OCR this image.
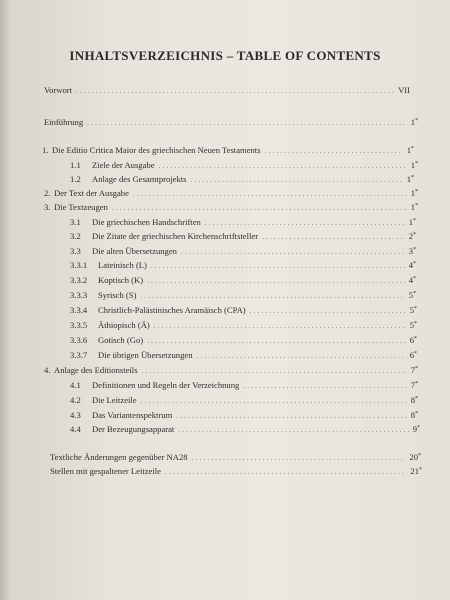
INHALTSVERZEICHNIS – TABLE OF CONTENTS
Vorwort .....	VII
Einführung .....	1*
1. Die Editio Critica Maior des griechischen Neuen Testaments .....	1*
1.1	Ziele der Ausgabe .....	1*
1.2	Anlage des Gesamtprojekts .....	1*
2. Der Text der Ausgabe .....	1*
3. Die Textzeugen .....	1*
3.1	Die griechischen Handschriften .....	1*
3.2	Die Zitate der griechischen Kirchenschriftsteller .....	2*
3.3	Die alten Übersetzungen .....	3*
3.3.1	Lateinisch (L) .....	4*
3.3.2	Koptisch (K) .....	4*
3.3.3	Syrisch (S) .....	5*
3.3.4	Christlich-Palästinisches Aramäisch (CPA) .....	5*
3.3.5	Äthiopisch (Ä) .....	5*
3.3.6	Gotisch (Go) .....	6*
3.3.7	Die übrigen Übersetzungen .....	6*
4. Anlage des Editionsteils .....	7*
4.1	Definitionen und Regeln der Verzeichnung .....	7*
4.2	Die Leitzeile .....	8*
4.3	Das Variantenspektrum .....	8*
4.4	Der Bezeugungsapparat .....	9*
Textliche Änderungen gegenüber NA28 .....	20*
Stellen mit gespaltener Leitzeile .....	21*
